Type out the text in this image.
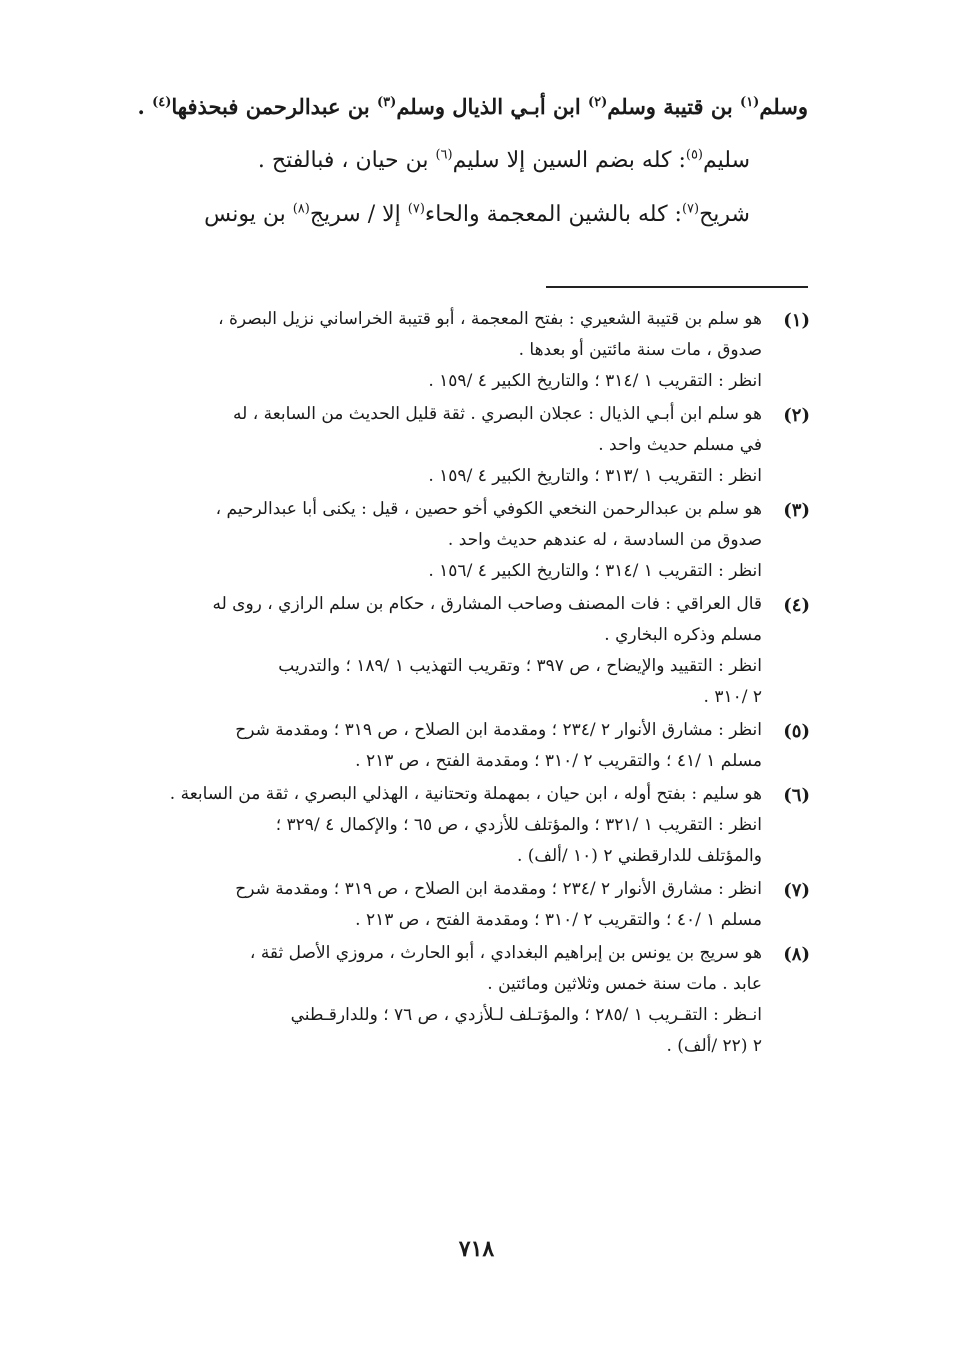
وسلم$^{(١)}$ بن قتيبة وسلم$^{(٢)}$ ابن أبـي الذيال وسلم$^{(٣)}$ بن عبدالرحمن فبحذفها$^{(٤)}$ .

سليم$^{(٥)}$: كله بضم السين إلا سليم$^{(٦)}$ بن حيان ، فبالفتح .

شريح$^{(٧)}$: كله بالشين المعجمة والحاء$^{(٧)}$ إلا / سريج$^{(٨)}$ بن يونس

(١)

هو سلم بن قتيبة الشعيري : بفتح المعجمة ، أبو قتيبة الخراساني نزيل البصرة ،

صدوق ، مات سنة مائتين أو بعدها .

انظر : التقريب ١ /٣١٤ ؛ والتاريخ الكبير ٤ /١٥٩ .

(٢)

هو سلم ابن أبـي الذيال : عجلان البصري . ثقة قليل الحديث من السابعة ، له

في مسلم حديث واحد .

انظر : التقريب ١ /٣١٣ ؛ والتاريخ الكبير ٤ /١٥٩ .

(٣)

هو سلم بن عبدالرحمن النخعي الكوفي أخو حصين ، قيل : يكنى أبا عبدالرحيم ،

صدوق من السادسة ، له عندهم حديث واحد .

انظر : التقريب ١ /٣١٤ ؛ والتاريخ الكبير ٤ /١٥٦ .

(٤)

قال العراقي : فات المصنف وصاحب المشارق ، حكام بن سلم الرازي ، روى له

مسلم وذكره البخاري .

انظر : التقييد والإيضاح ، ص ٣٩٧ ؛ وتقريب التهذيب ١ /١٨٩ ؛ والتدريب

٢ /٣١٠ .

(٥)

انظر : مشارق الأنوار ٢ /٢٣٤ ؛ ومقدمة ابن الصلاح ، ص ٣١٩ ؛ ومقدمة شرح

مسلم ١ /٤١ ؛ والتقريب ٢ /٣١٠ ؛ ومقدمة الفتح ، ص ٢١٣ .

(٦)

هو سليم : بفتح أوله ، ابن حيان ، بمهملة وتحتانية ، الهذلي البصري ، ثقة من السابعة .

انظر : التقريب ١ /٣٢١ ؛ والمؤتلف للأزدي ، ص ٦٥ ؛ والإكمال ٤ /٣٢٩ ؛

والمؤتلف للدارقطني ٢ (١٠ /ألف) .

(٧)

انظر : مشارق الأنوار ٢ /٢٣٤ ؛ ومقدمة ابن الصلاح ، ص ٣١٩ ؛ ومقدمة شرح

مسلم ١ /٤٠ ؛ والتقريب ٢ /٣١٠ ؛ ومقدمة الفتح ، ص ٢١٣ .

(٨)

هو سريج بن يونس بن إبراهيم البغدادي ، أبو الحارث ، مروزي الأصل ثقة ،

عابد . مات سنة خمس وثلاثين ومائتين .

انـظر : التقـريب ١ /٢٨٥ ؛ والمؤتـلف لـلأزدي ، ص ٧٦ ؛ وللدارقـطني

٢ (٢٢ /ألف) .

٧١٨
